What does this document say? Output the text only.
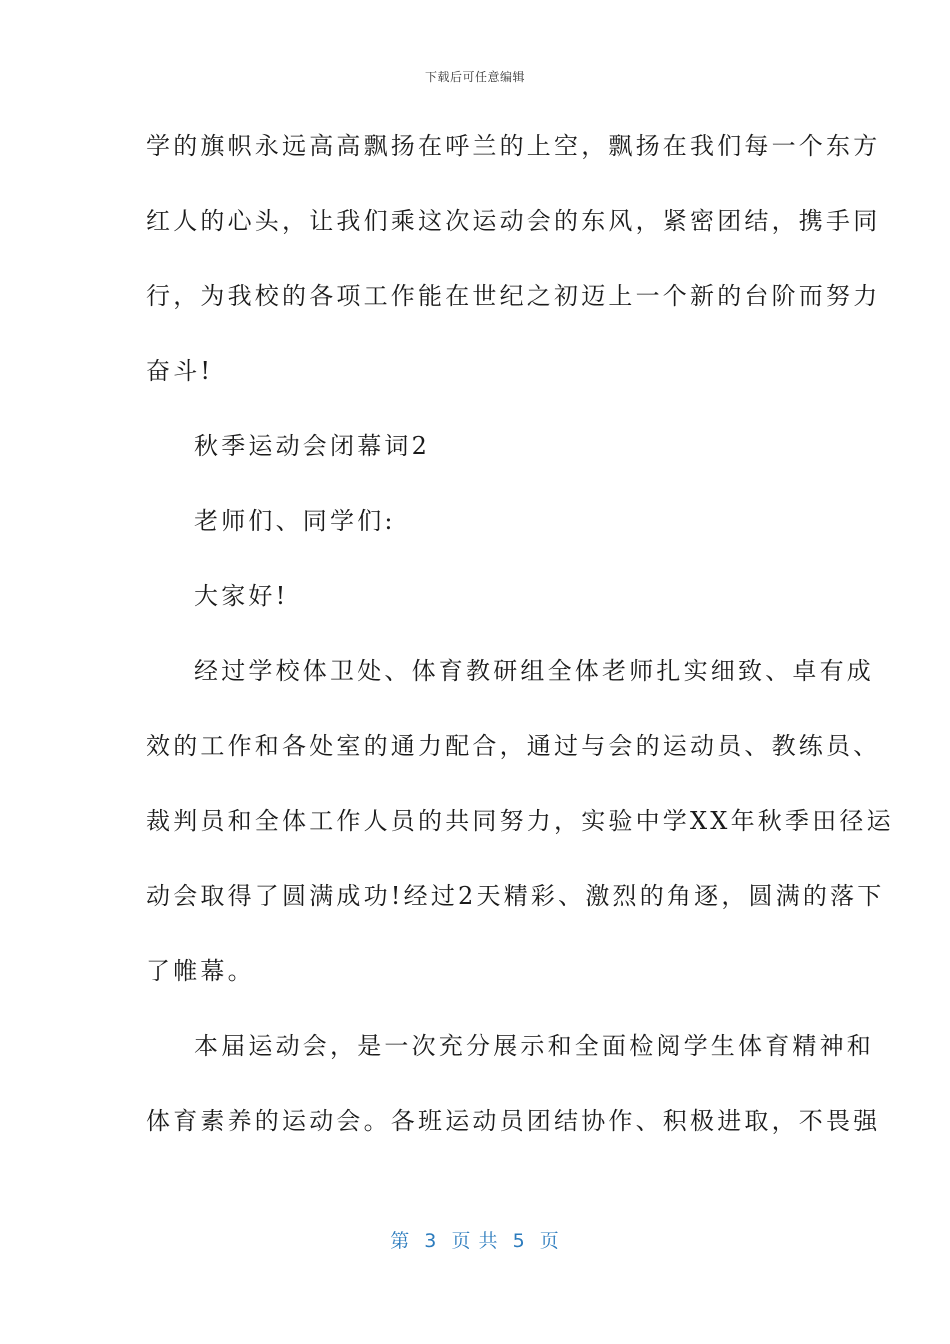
下载后可任意编辑
学的旗帜永远高高飘扬在呼兰的上空，飘扬在我们每一个东方
红人的心头，让我们乘这次运动会的东风，紧密团结，携手同
行，为我校的各项工作能在世纪之初迈上一个新的台阶而努力
奋斗!
秋季运动会闭幕词2
老师们、同学们:
大家好!
经过学校体卫处、体育教研组全体老师扎实细致、卓有成
效的工作和各处室的通力配合，通过与会的运动员、教练员、
裁判员和全体工作人员的共同努力，实验中学XX年秋季田径运
动会取得了圆满成功!经过2天精彩、激烈的角逐，圆满的落下
了帷幕。
本届运动会，是一次充分展示和全面检阅学生体育精神和
体育素养的运动会。各班运动员团结协作、积极进取，不畏强
第  3  页 共  5  页
